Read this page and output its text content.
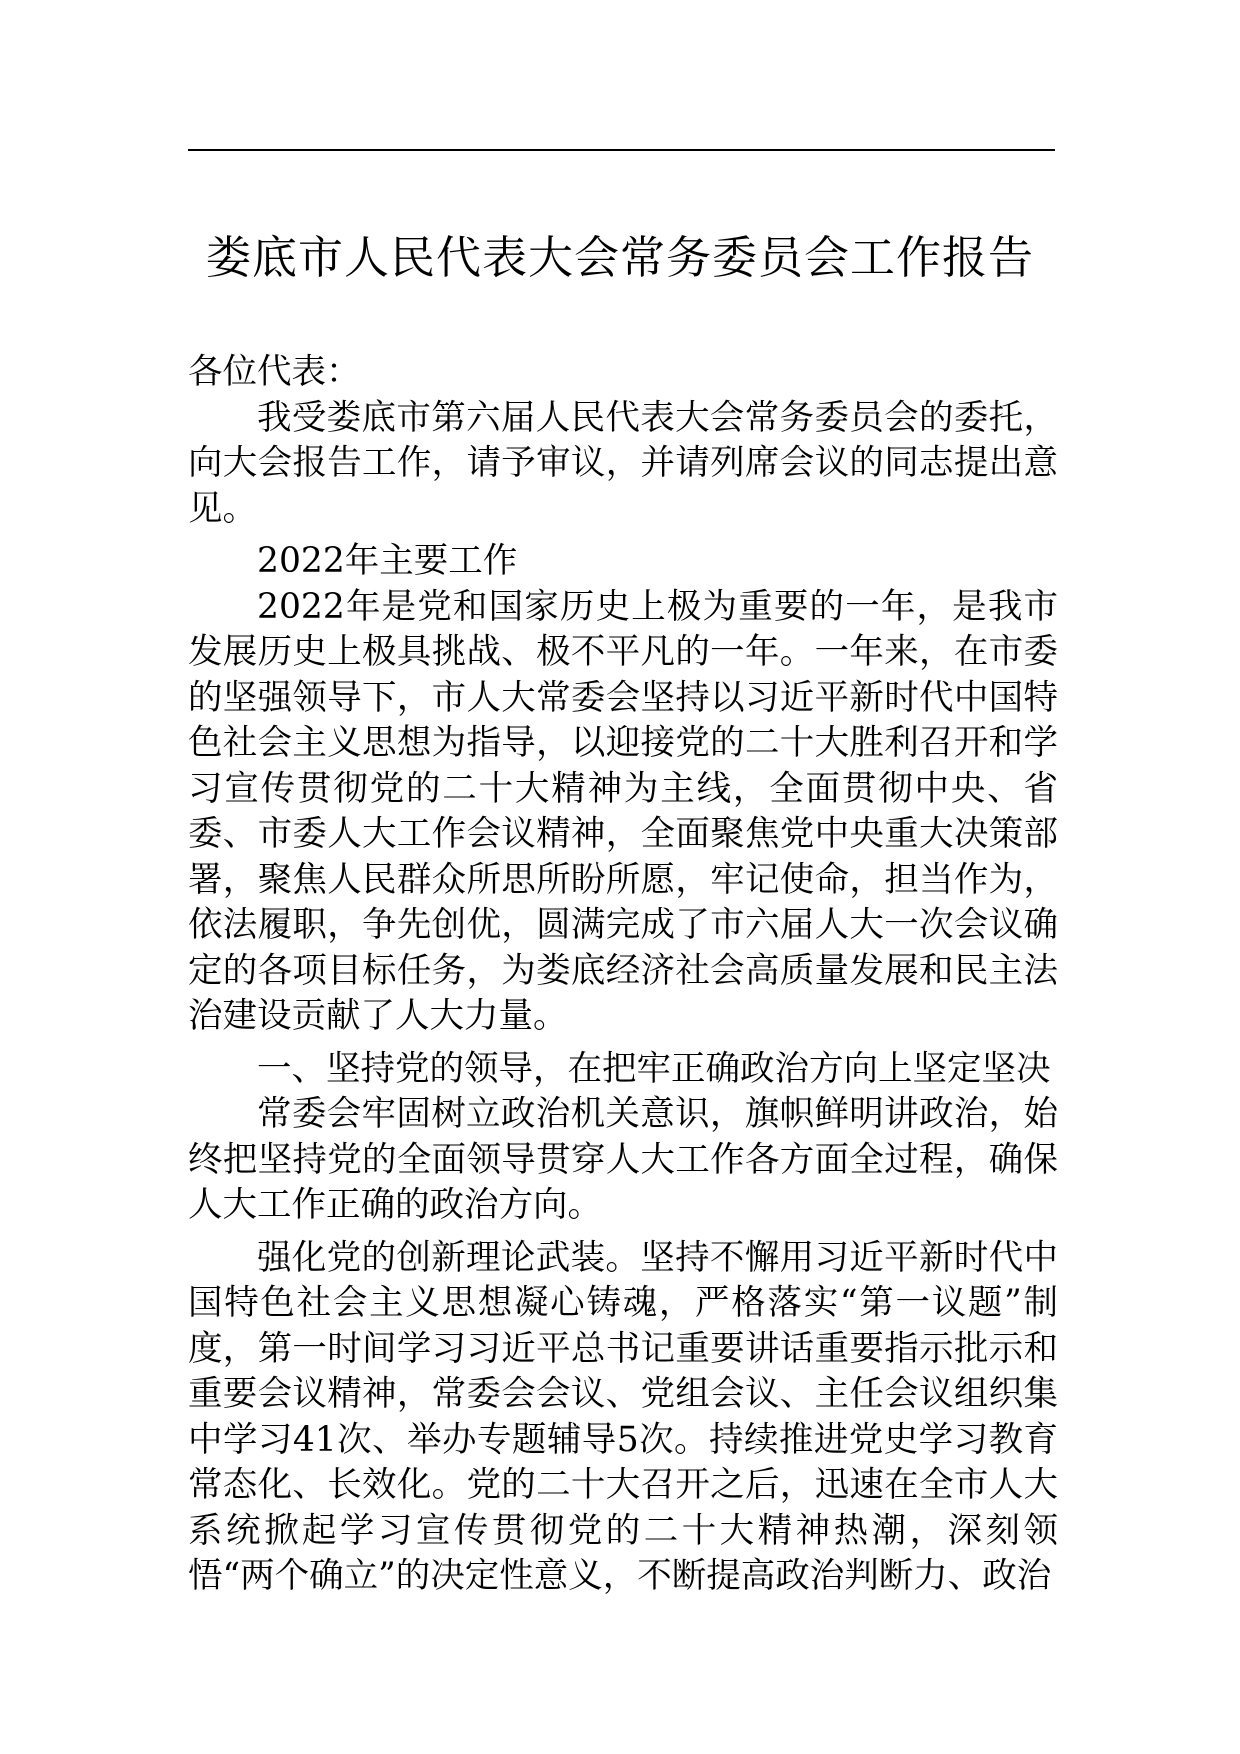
娄底市人民代表大会常务委员会工作报告

各位代表：

我受娄底市第六届人民代表大会常务委员会的委托，向大会报告工作，请予审议，并请列席会议的同志提出意见。

2022年主要工作

2022年是党和国家历史上极为重要的一年，是我市发展历史上极具挑战、极不平凡的一年。一年来，在市委的坚强领导下，市人大常委会坚持以习近平新时代中国特色社会主义思想为指导，以迎接党的二十大胜利召开和学习宣传贯彻党的二十大精神为主线，全面贯彻中央、省委、市委人大工作会议精神，全面聚焦党中央重大决策部署，聚焦人民群众所思所盼所愿，牢记使命，担当作为，依法履职，争先创优，圆满完成了市六届人大一次会议确定的各项目标任务，为娄底经济社会高质量发展和民主法治建设贡献了人大力量。

一、坚持党的领导，在把牢正确政治方向上坚定坚决

常委会牢固树立政治机关意识，旗帜鲜明讲政治，始终把坚持党的全面领导贯穿人大工作各方面全过程，确保人大工作正确的政治方向。

强化党的创新理论武装。坚持不懈用习近平新时代中国特色社会主义思想凝心铸魂，严格落实“第一议题”制度，第一时间学习习近平总书记重要讲话重要指示批示和重要会议精神，常委会会议、党组会议、主任会议组织集中学习41次、举办专题辅导5次。持续推进党史学习教育常态化、长效化。党的二十大召开之后，迅速在全市人大系统掀起学习宣传贯彻党的二十大精神热潮，深刻领悟“两个确立”的决定性意义，不断提高政治判断力、政治
